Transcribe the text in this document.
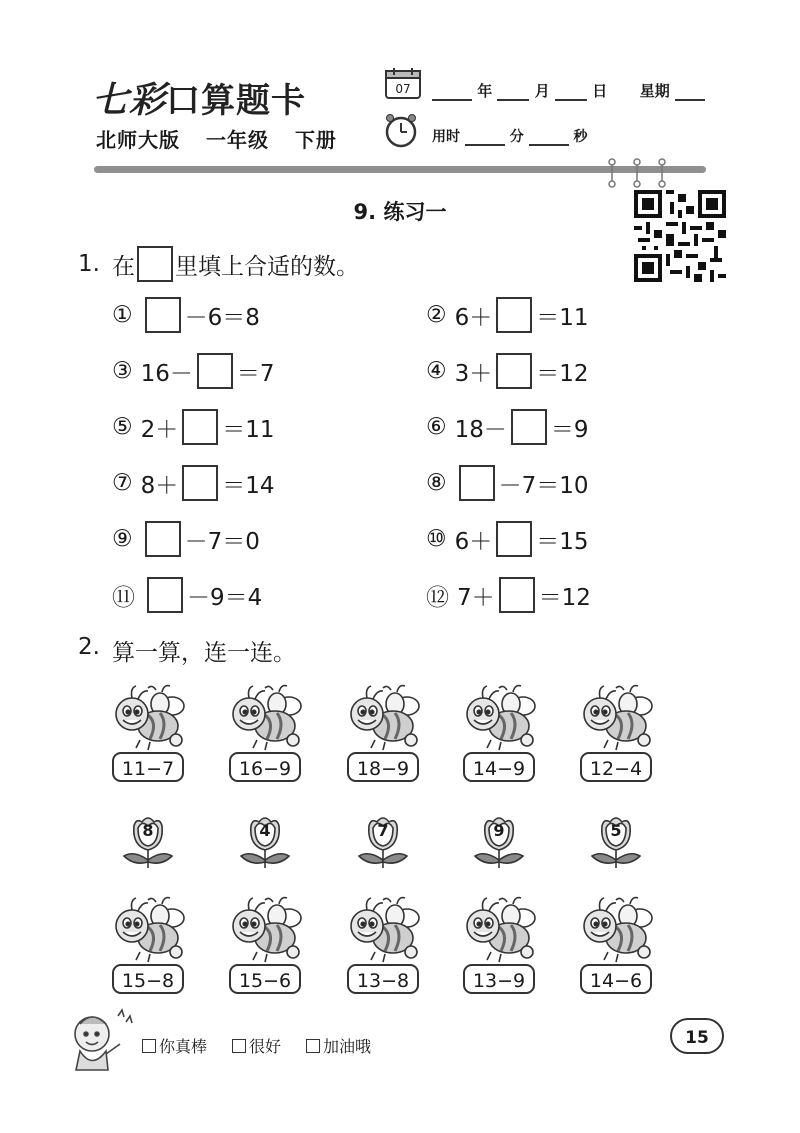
七彩口算题卡
北师大版 一年级 下册
07	年	月	日 星期
用时	分	秒
9. 练习一
1. 在 里填上合适的数。
① －6＝8	② 6＋ ＝11
③ 16－ ＝7	④ 3＋ ＝12
⑤ 2＋ ＝11	⑥ 18－ ＝9
⑦ 8＋ ＝14	⑧ －7＝10
⑨ －7＝0	⑩ 6＋ ＝15
⑪ －9＝4	⑫ 7＋ ＝12
2. 算一算，连一连。
11−7	16−9	18−9	14−9	12−4
8	4	7	9	5
15−8	15−6	13−8	13−9	14−6
你真棒	很好	加油哦	15
